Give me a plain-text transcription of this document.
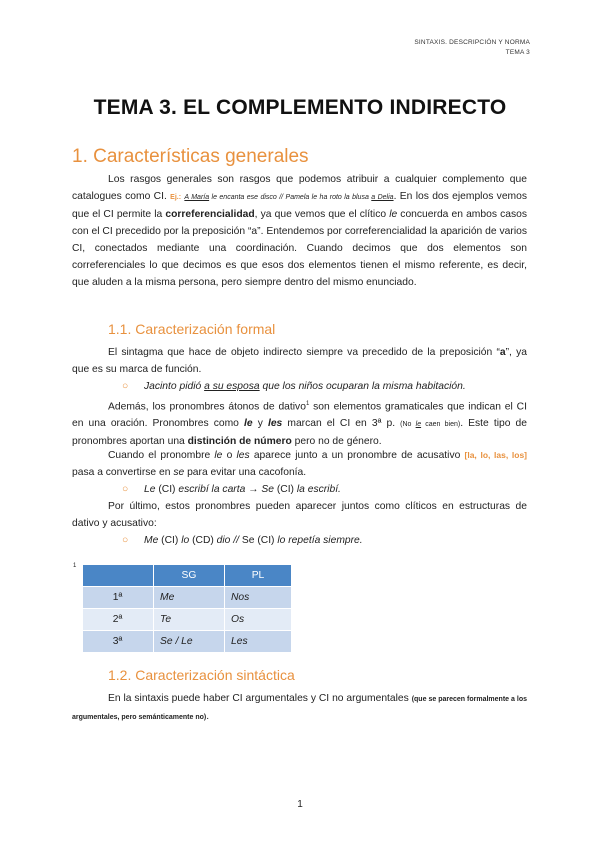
SINTAXIS. DESCRIPCIÓN Y NORMA
TEMA 3
TEMA 3. EL COMPLEMENTO INDIRECTO
1. Características generales
Los rasgos generales son rasgos que podemos atribuir a cualquier complemento que catalogues como CI. Ej.: A María le encanta ese disco // Pamela le ha roto la blusa a Delia. En los dos ejemplos vemos que el CI permite la correferencialidad, ya que vemos que el clítico le concuerda en ambos casos con el CI precedido por la preposición “a”. Entendemos por correferencialidad la aparición de varios CI, conectados mediante una coordinación. Cuando decimos que dos elementos son correferenciales lo que decimos es que esos dos elementos tienen el mismo referente, es decir, que aluden a la misma persona, pero siempre dentro del mismo enunciado.
1.1. Caracterización formal
El sintagma que hace de objeto indirecto siempre va precedido de la preposición “a”, ya que es su marca de función.
○ Jacinto pidió a su esposa que los niños ocuparan la misma habitación.
Además, los pronombres átonos de dativo$^1$ son elementos gramaticales que indican el CI en una oración. Pronombres como le y les marcan el CI en 3ª p. (No le caen bien). Este tipo de pronombres aportan una distinción de número pero no de género.
Cuando el pronombre le o les aparece junto a un pronombre de acusativo [la, lo, las, los] pasa a convertirse en se para evitar una cacofonía.
○ Le (CI) escribí la carta → Se (CI) la escribí.
Por último, estos pronombres pueden aparecer juntos como clíticos en estructuras de dativo y acusativo:
○ Me (CI) lo (CD) dio // Se (CI) lo repetía siempre.
1
	SG	PL
1ª	Me	Nos
2ª	Te	Os
3ª	Se / Le	Les
1.2. Caracterización sintáctica
En la sintaxis puede haber CI argumentales y CI no argumentales (que se parecen formalmente a los argumentales, pero semánticamente no).
1
